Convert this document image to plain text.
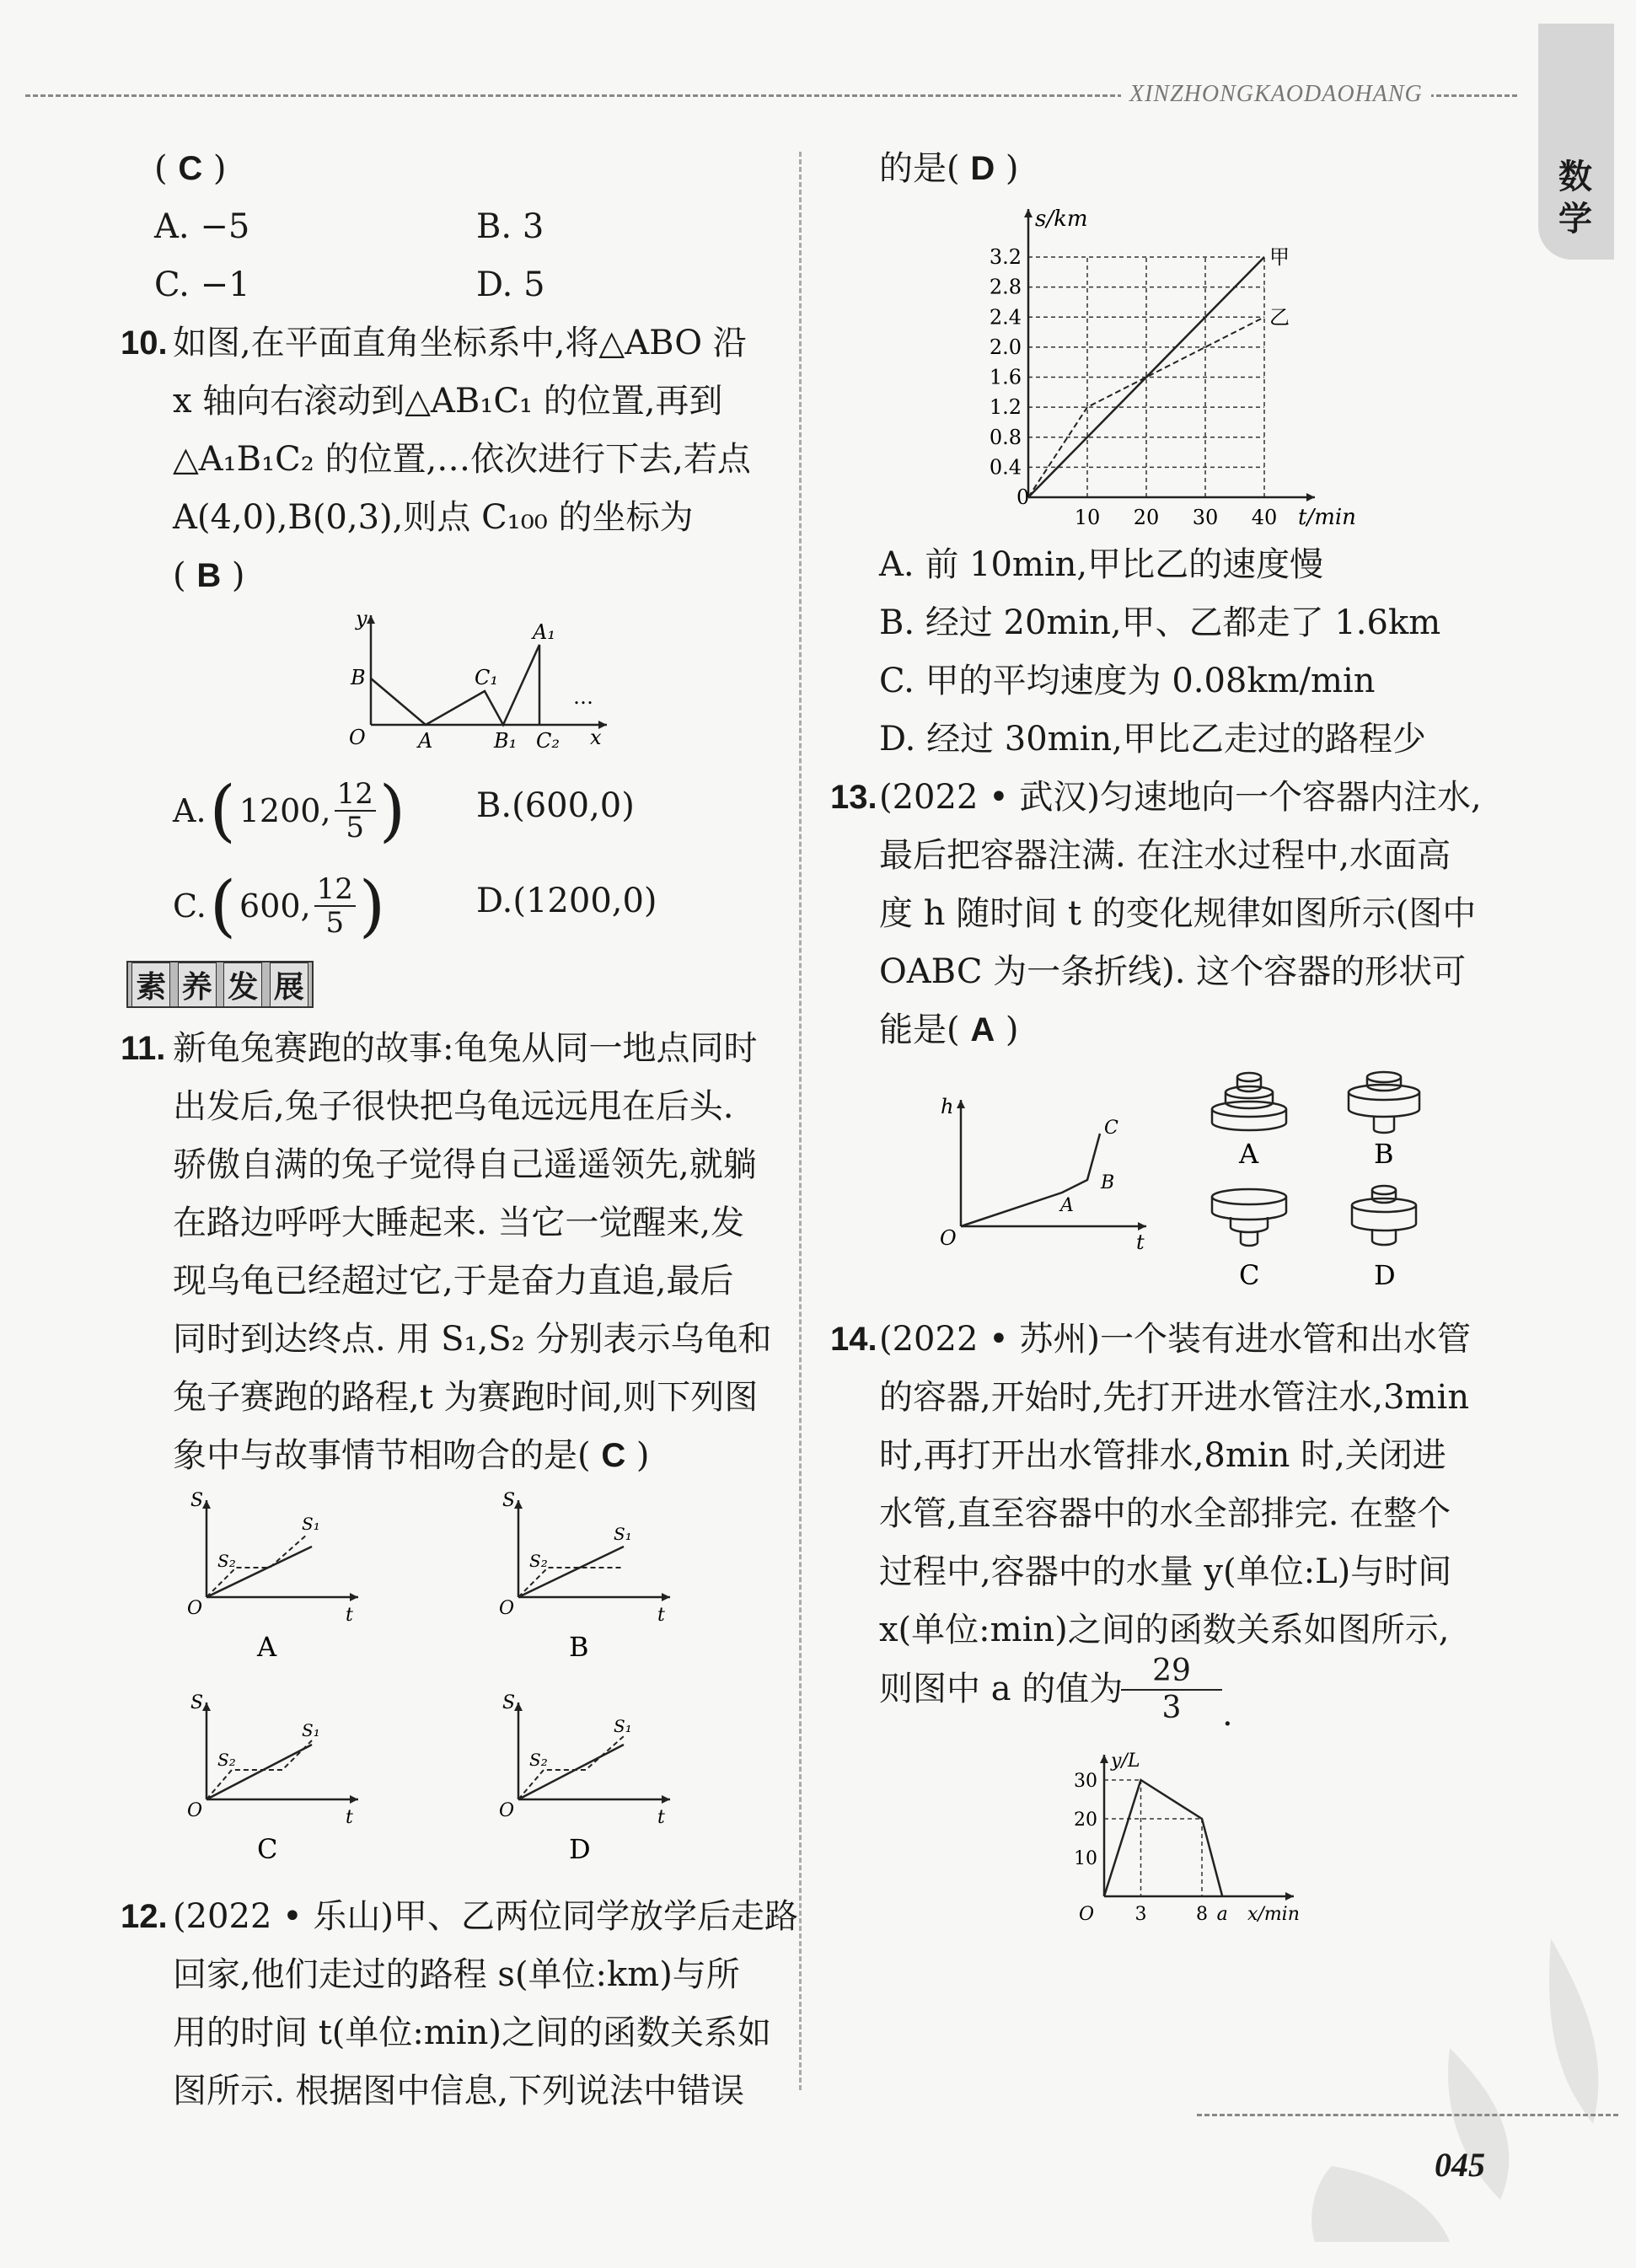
XINZHONGKAODAOHANG
数
学
( C )
A. −5	B. 3
C. −1	D. 5
10. 如图,在平面直角坐标系中,将△ABO 沿
x 轴向右滚动到△AB₁C₁ 的位置,再到
△A₁B₁C₂ 的位置,…依次进行下去,若点
A(4,0),B(0,3),则点 C₁₀₀ 的坐标为
( B )
y
B
O	A
C₁
B₁
A₁
C₂ x
…
A. ( 1200 , 12
5 ) B.(600,0)
C. ( 600 , 12
5 )	D.(1200,0)
素 养 发 展
11. 新龟兔赛跑的故事:龟兔从同一地点同时
出发后,兔子很快把乌龟远远甩在后头.
骄傲自满的兔子觉得自己遥遥领先,就躺
在路边呼呼大睡起来. 当它一觉醒来,发
现乌龟已经超过它,于是奋力直追,最后
同时到达终点. 用 S₁,S₂ 分别表示乌龟和
兔子赛跑的路程,t 为赛跑时间,则下列图
象中与故事情节相吻合的是( C )
S
O	t
S₁
S₂
A
S
O	t
S₁
S₂
B
S
O	t
S₁
S₂
C
S
O	t
S₁
S₂
D
12. (2022 • 乐山)甲、乙两位同学放学后走路
回家,他们走过的路程 s(单位:km)与所
用的时间 t(单位:min)之间的函数关系如
图所示. 根据图中信息,下列说法中错误
的是( D )
0.4
0.8
1.2
1.6
2.0
2.4
2.8
3.2
10 20 30 40
甲
乙
s/km
t/min
0
A. 前 10min,甲比乙的速度慢
B. 经过 20min,甲、乙都走了 1.6km
C. 甲的平均速度为 0.08km/min
D. 经过 30min,甲比乙走过的路程少
13. (2022 • 武汉)匀速地向一个容器内注水,
最后把容器注满. 在注水过程中,水面高
度 h 随时间 t 的变化规律如图所示(图中
OABC 为一条折线). 这个容器的形状可
能是( A )
h
O	t
A
B
C
A	B
C	D
14. (2022 • 苏州)一个装有进水管和出水管
的容器,开始时,先打开进水管注水,3min
时,再打开出水管排水,8min 时,关闭进
水管,直至容器中的水全部排完. 在整个
过程中,容器中的水量 y(单位:L)与时间
x(单位:min)之间的函数关系如图所示,
则图中 a 的值为
$\frac{29}{3}$ .
10
20
30
3	8 a
y/L
x/min
O
045
